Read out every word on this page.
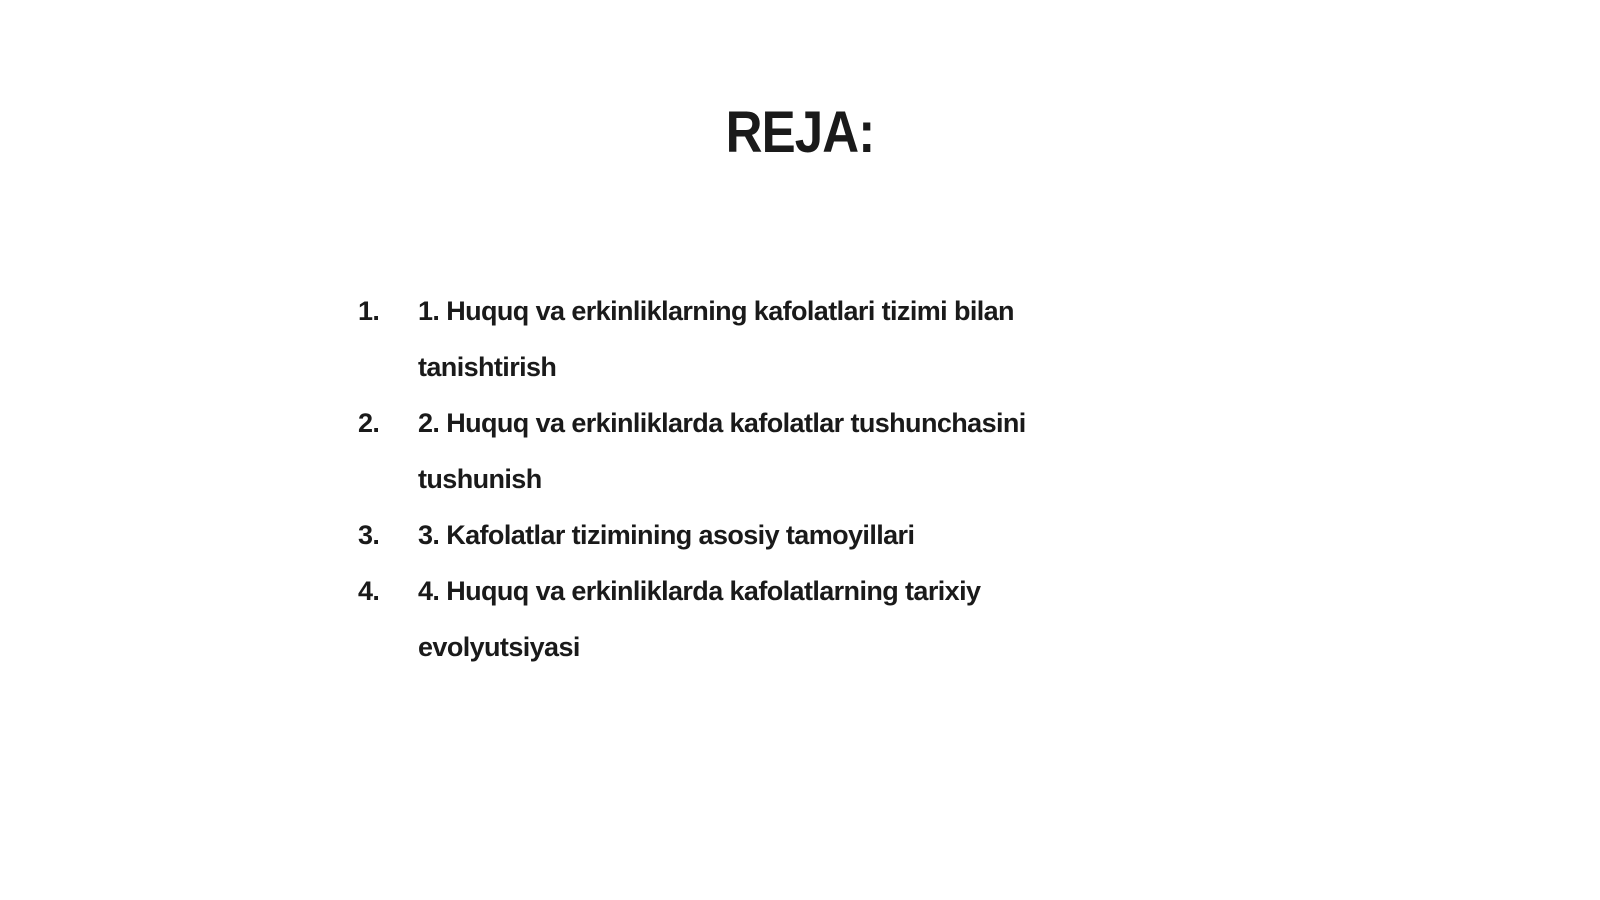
REJA:
1.	1. Huquq va erkinliklarning kafolatlari tizimi bilan tanishtirish
2.	2. Huquq va erkinliklarda kafolatlar tushunchasini tushunish
3.	3. Kafolatlar tizimining asosiy tamoyillari
4.	4. Huquq va erkinliklarda kafolatlarning tarixiy evolyutsiyasi
